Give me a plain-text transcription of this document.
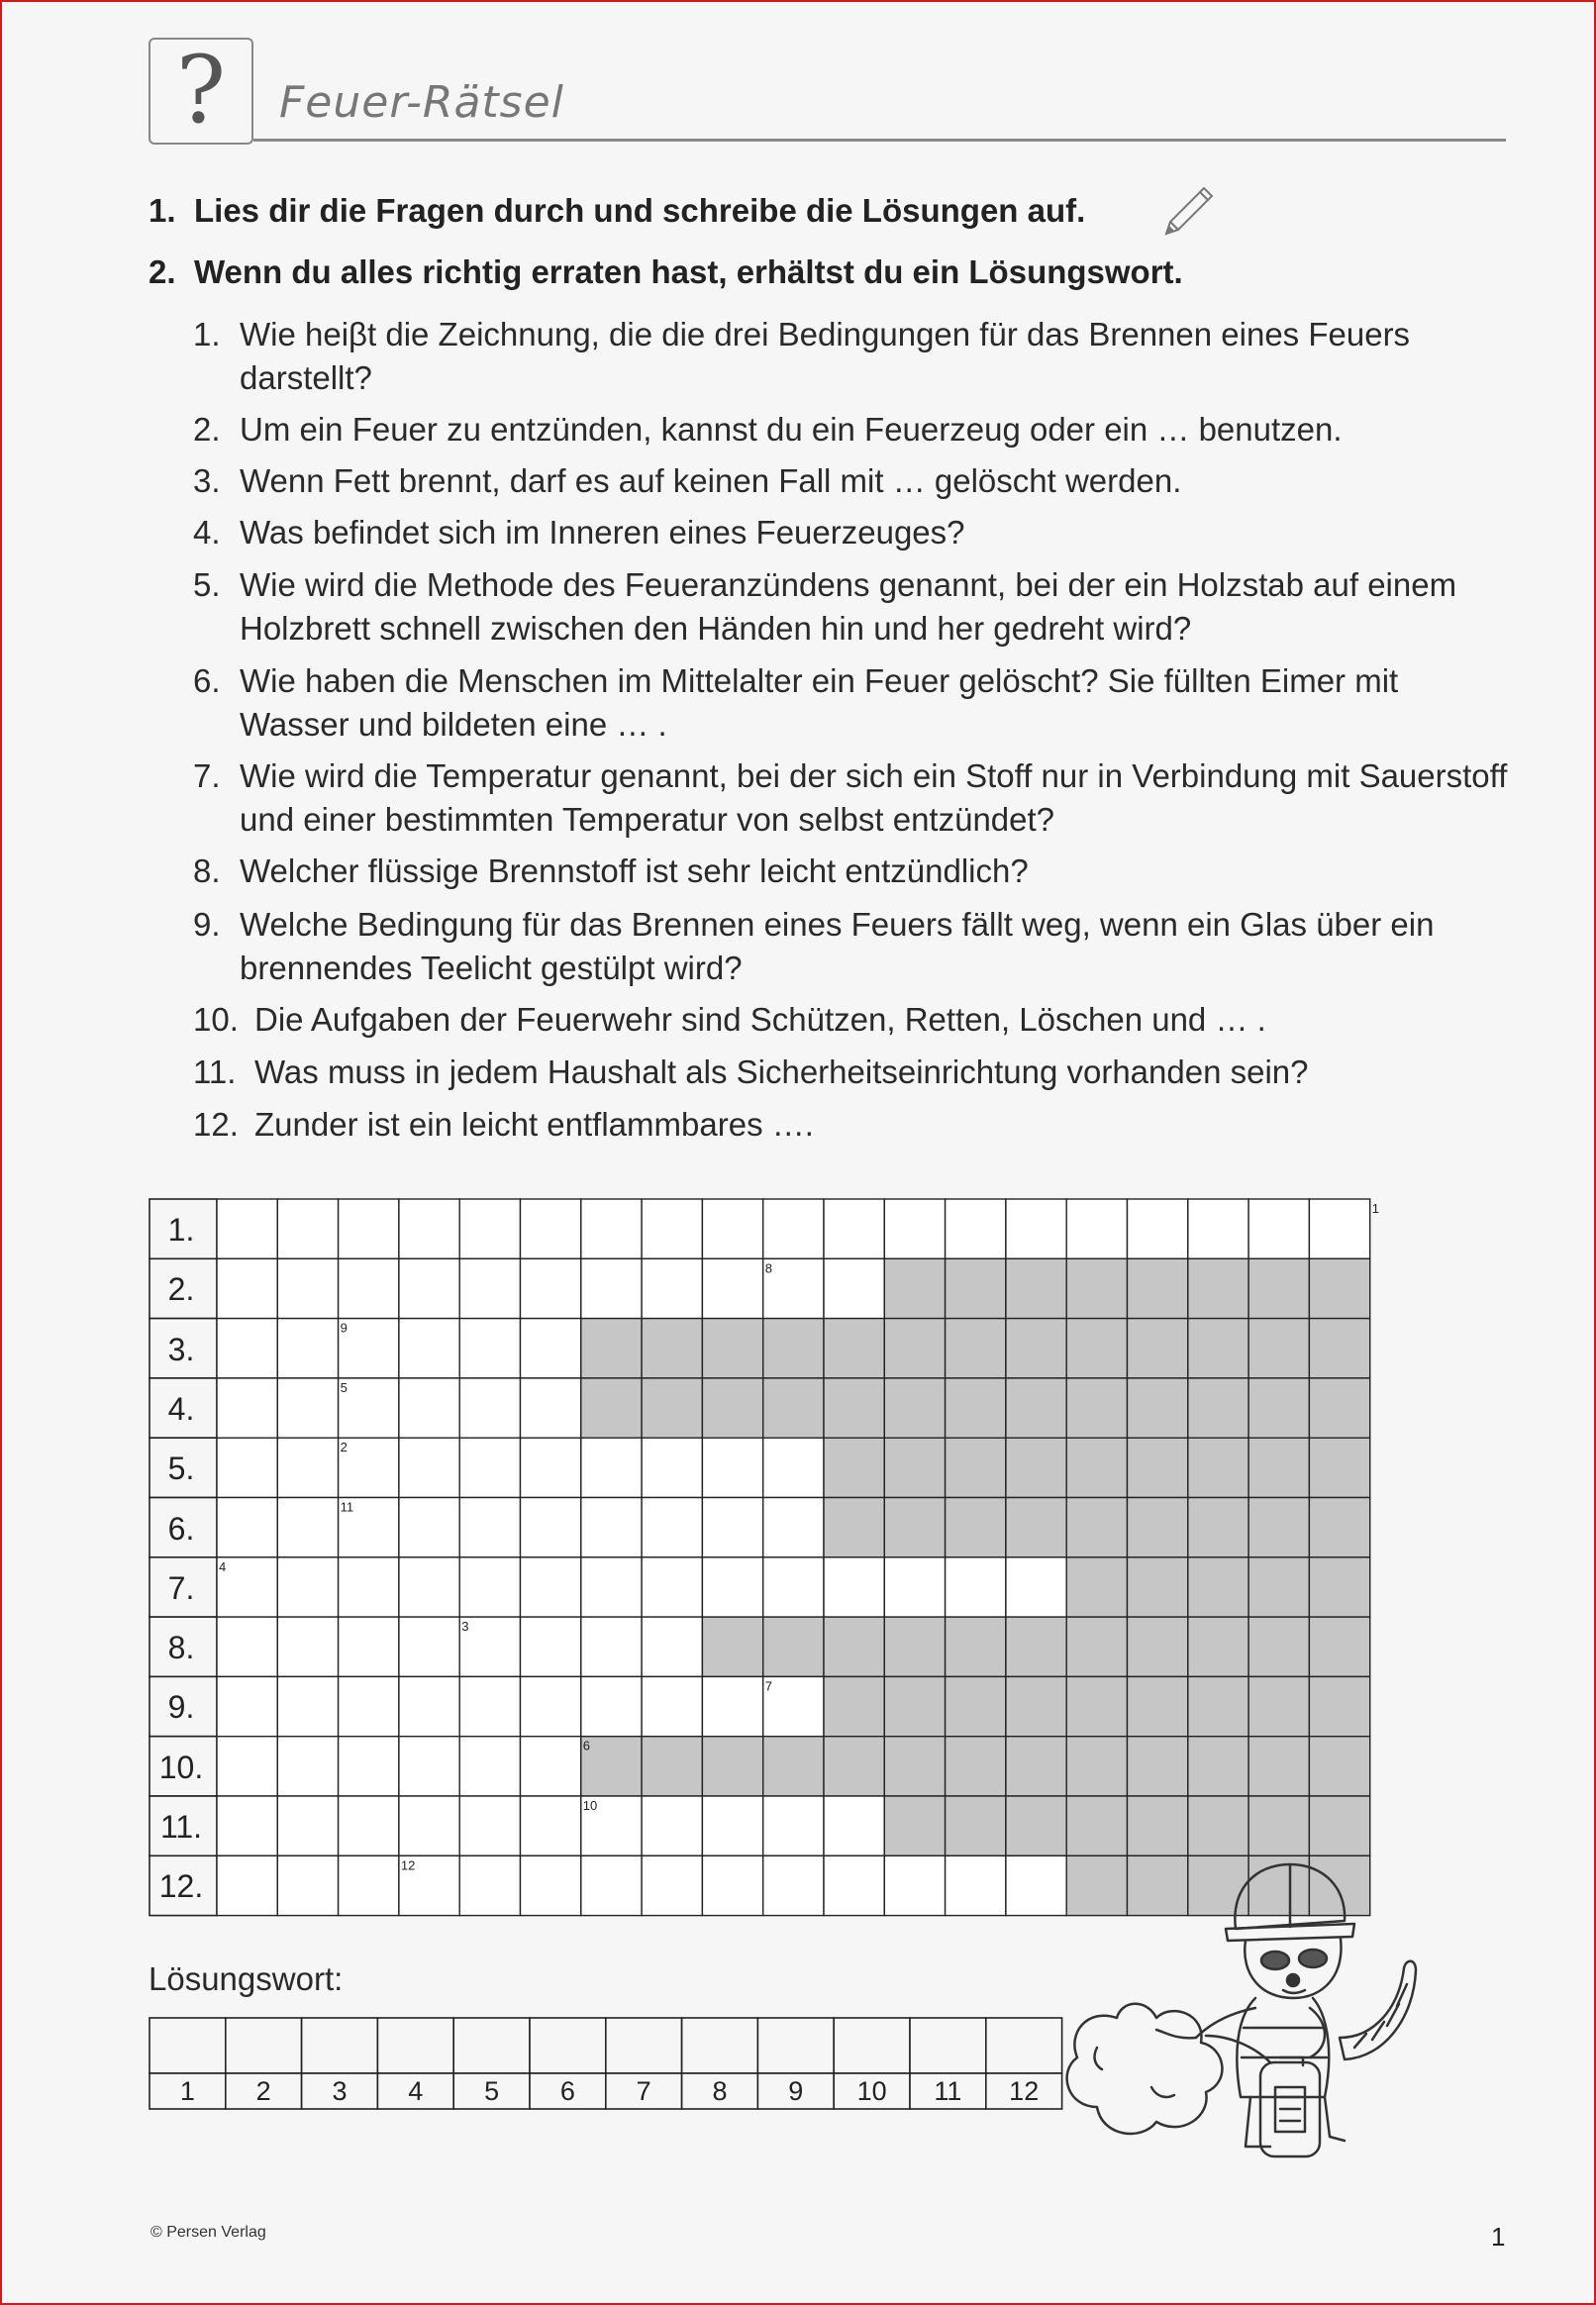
?	Feuer-Rätsel
1. Lies dir die Fragen durch und schreibe die Lösungen auf.
2. Wenn du alles richtig erraten hast, erhältst du ein Lösungswort.
1. Wie heiβt die Zeichnung, die die drei Bedingungen für das Brennen eines Feuers darstellt?
2. Um ein Feuer zu entzünden, kannst du ein Feuerzeug oder ein … benutzen.
3. Wenn Fett brennt, darf es auf keinen Fall mit … gelöscht werden.
4. Was befindet sich im Inneren eines Feuerzeuges?
5. Wie wird die Methode des Feueranzündens genannt, bei der ein Holzstab auf einem Holzbrett schnell zwischen den Händen hin und her gedreht wird?
6. Wie haben die Menschen im Mittelalter ein Feuer gelöscht? Sie füllten Eimer mit Wasser und bildeten eine … .
7. Wie wird die Temperatur genannt, bei der sich ein Stoff nur in Verbindung mit Sauerstoff und einer bestimmten Temperatur von selbst entzündet?
8. Welcher flüssige Brennstoff ist sehr leicht entzündlich?
9. Welche Bedingung für das Brennen eines Feuers fällt weg, wenn ein Glas über ein brennendes Teelicht gestülpt wird?
10. Die Aufgaben der Feuerwehr sind Schützen, Retten, Löschen und … .
11. Was muss in jedem Haushalt als Sicherheitseinrichtung vorhanden sein?
12. Zunder ist ein leicht entflammbares ….
1
2
3
4
5
6
7
8
9
10
11
12
1.
2.
3.
4.
5.
6.
7.
8.
9.
10.
11.
12.
Lösungswort:
1 2 3 4 5 6 7 8 9 10 11 12
© Persen Verlag	1
